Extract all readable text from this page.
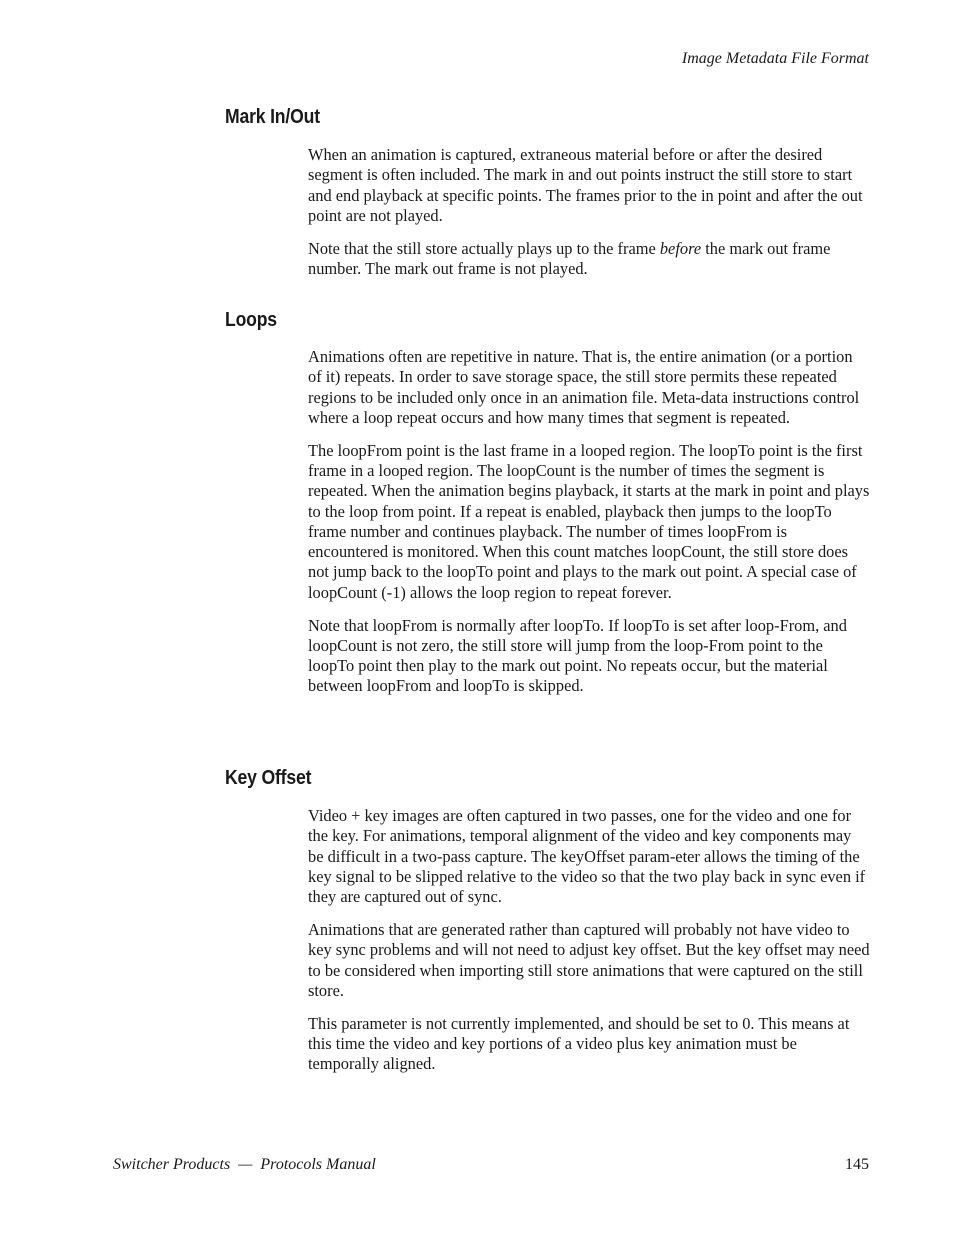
Image Metadata File Format
Mark In/Out

When an animation is captured, extraneous material before or after the desired segment is often included. The mark in and out points instruct the still store to start and end playback at specific points. The frames prior to the in point and after the out point are not played.

Note that the still store actually plays up to the frame before the mark out frame number. The mark out frame is not played.

Loops

Animations often are repetitive in nature. That is, the entire animation (or a portion of it) repeats. In order to save storage space, the still store permits these repeated regions to be included only once in an animation file. Meta-data instructions control where a loop repeat occurs and how many times that segment is repeated.

The loopFrom point is the last frame in a looped region. The loopTo point is the first frame in a looped region. The loopCount is the number of times the segment is repeated. When the animation begins playback, it starts at the mark in point and plays to the loop from point. If a repeat is enabled, playback then jumps to the loopTo frame number and continues playback. The number of times loopFrom is encountered is monitored. When this count matches loopCount, the still store does not jump back to the loopTo point and plays to the mark out point. A special case of loopCount (-1) allows the loop region to repeat forever.

Note that loopFrom is normally after loopTo. If loopTo is set after loop-From, and loopCount is not zero, the still store will jump from the loop-From point to the loopTo point then play to the mark out point. No repeats occur, but the material between loopFrom and loopTo is skipped.

Key Offset

Video + key images are often captured in two passes, one for the video and one for the key. For animations, temporal alignment of the video and key components may be difficult in a two-pass capture. The keyOffset param-eter allows the timing of the key signal to be slipped relative to the video so that the two play back in sync even if they are captured out of sync.

Animations that are generated rather than captured will probably not have video to key sync problems and will not need to adjust key offset. But the key offset may need to be considered when importing still store animations that were captured on the still store.

This parameter is not currently implemented, and should be set to 0. This means at this time the video and key portions of a video plus key animation must be temporally aligned.

Switcher Products — Protocols Manual	145
